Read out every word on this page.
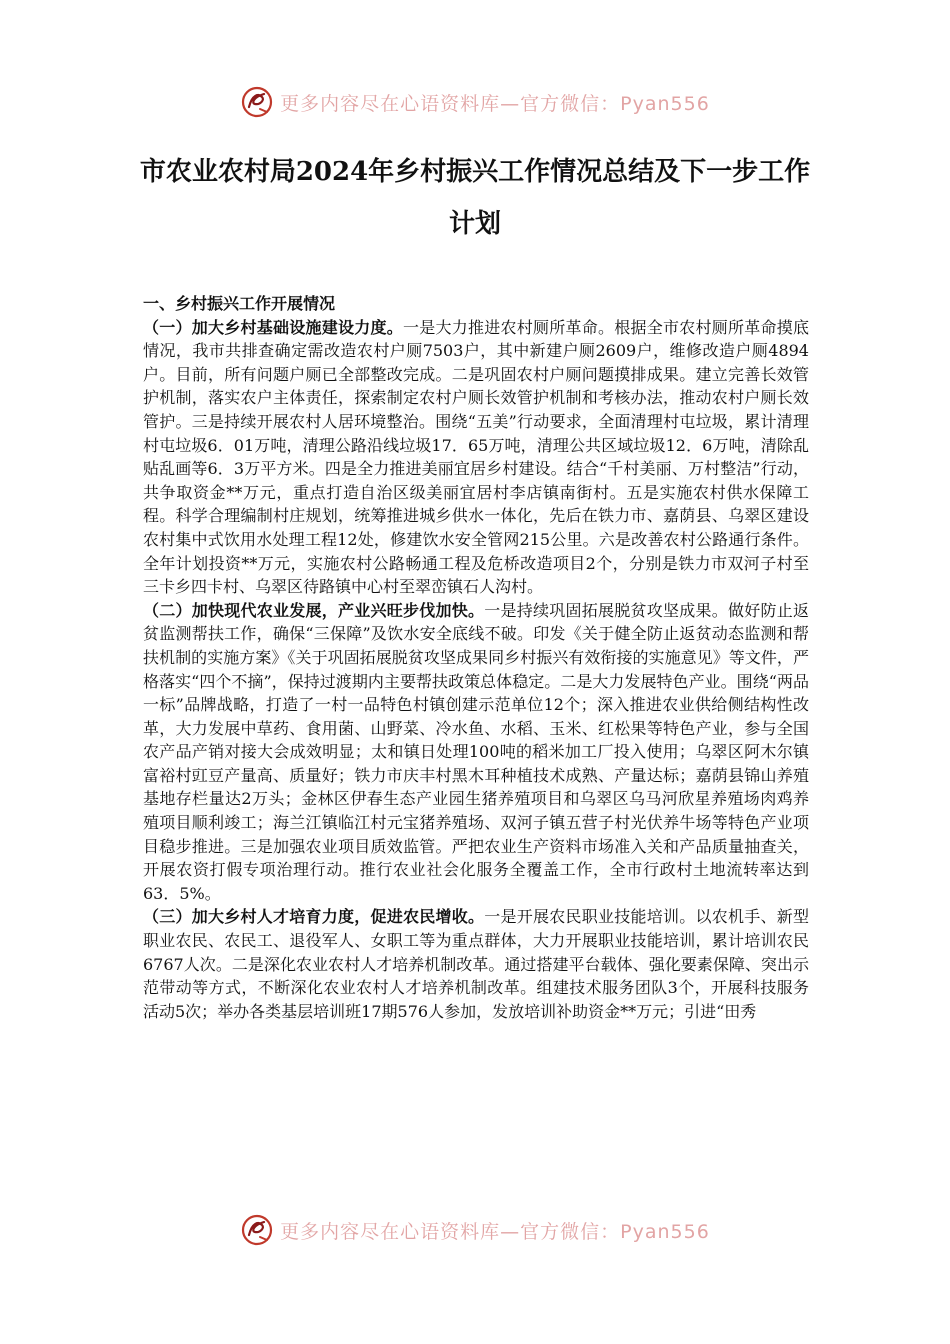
更多内容尽在心语资料库—官方微信：Pyan556
市农业农村局2024年乡村振兴工作情况总结及下一步工作计划

一、乡村振兴工作开展情况

（一）加大乡村基础设施建设力度。一是大力推进农村厕所革命。根据全市农村厕所革命摸底情况，我市共排查确定需改造农村户厕7503户，其中新建户厕2609户，维修改造户厕4894户。目前，所有问题户厕已全部整改完成。二是巩固农村户厕问题摸排成果。建立完善长效管护机制，落实农户主体责任，探索制定农村户厕长效管护机制和考核办法，推动农村户厕长效管护。三是持续开展农村人居环境整治。围绕“五美”行动要求，全面清理村屯垃圾，累计清理村屯垃圾6．01万吨，清理公路沿线垃圾17．65万吨，清理公共区域垃圾12．6万吨，清除乱贴乱画等6．3万平方米。四是全力推进美丽宜居乡村建设。结合“千村美丽、万村整洁”行动，共争取资金**万元，重点打造自治区级美丽宜居村李店镇南街村。五是实施农村供水保障工程。科学合理编制村庄规划，统筹推进城乡供水一体化，先后在铁力市、嘉荫县、乌翠区建设农村集中式饮用水处理工程12处，修建饮水安全管网215公里。六是改善农村公路通行条件。全年计划投资**万元，实施农村公路畅通工程及危桥改造项目2个，分别是铁力市双河子村至三卡乡四卡村、乌翠区待路镇中心村至翠峦镇石人沟村。

（二）加快现代农业发展，产业兴旺步伐加快。一是持续巩固拓展脱贫攻坚成果。做好防止返贫监测帮扶工作，确保“三保障”及饮水安全底线不破。印发《关于健全防止返贫动态监测和帮扶机制的实施方案》《关于巩固拓展脱贫攻坚成果同乡村振兴有效衔接的实施意见》等文件，严格落实“四个不摘”，保持过渡期内主要帮扶政策总体稳定。二是大力发展特色产业。围绕“两品一标”品牌战略，打造了一村一品特色村镇创建示范单位12个；深入推进农业供给侧结构性改革，大力发展中草药、食用菌、山野菜、冷水鱼、水稻、玉米、红松果等特色产业，参与全国农产品产销对接大会成效明显；太和镇日处理100吨的稻米加工厂投入使用；乌翠区阿木尔镇富裕村豇豆产量高、质量好；铁力市庆丰村黑木耳种植技术成熟、产量达标；嘉荫县锦山养殖基地存栏量达2万头；金林区伊春生态产业园生猪养殖项目和乌翠区乌马河欣星养殖场肉鸡养殖项目顺利竣工；海兰江镇临江村元宝猪养殖场、双河子镇五营子村光伏养牛场等特色产业项目稳步推进。三是加强农业项目质效监管。严把农业生产资料市场准入关和产品质量抽查关，开展农资打假专项治理行动。推行农业社会化服务全覆盖工作，全市行政村土地流转率达到63．5%。

（三）加大乡村人才培育力度，促进农民增收。一是开展农民职业技能培训。以农机手、新型职业农民、农民工、退役军人、女职工等为重点群体，大力开展职业技能培训，累计培训农民6767人次。二是深化农业农村人才培养机制改革。通过搭建平台载体、强化要素保障、突出示范带动等方式，不断深化农业农村人才培养机制改革。组建技术服务团队3个，开展科技服务活动5次；举办各类基层培训班17期576人参加，发放培训补助资金**万元；引进“田秀

更多内容尽在心语资料库—官方微信：Pyan556
